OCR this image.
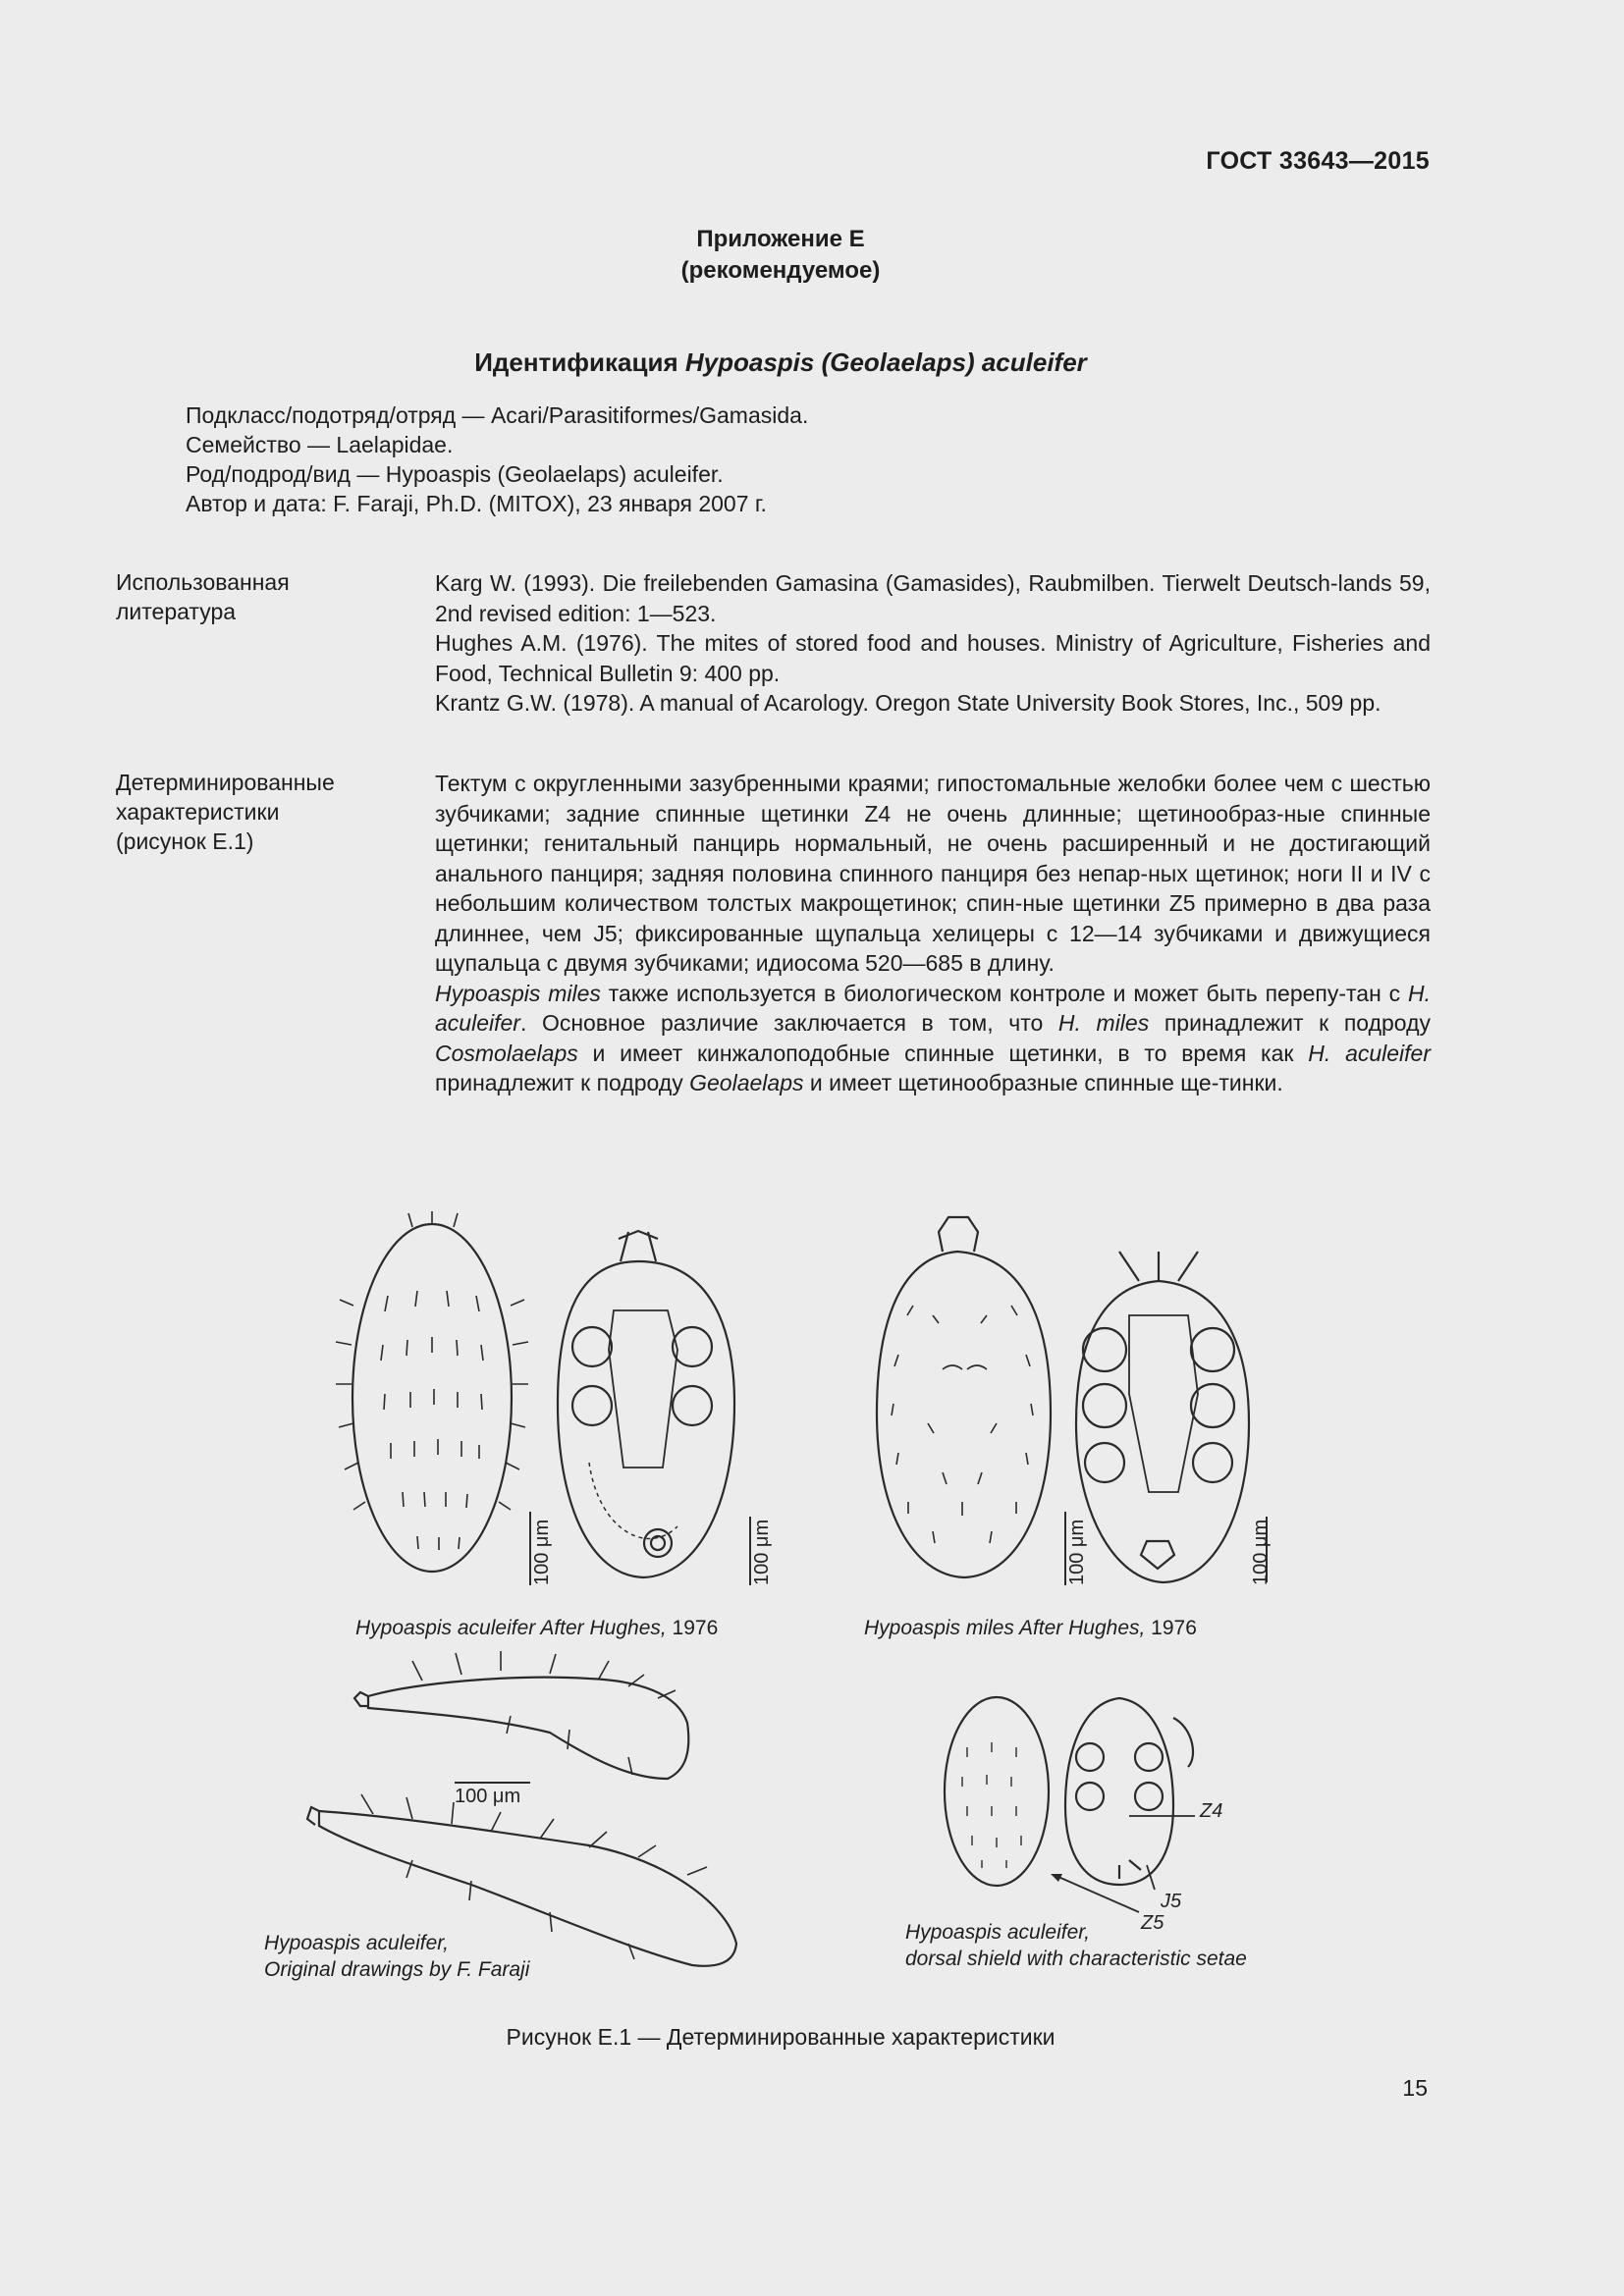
ГОСТ 33643—2015
Приложение Е
(рекомендуемое)
Идентификация Hypoaspis (Geolaelaps) aculeifer
Подкласс/подотряд/отряд — Acari/Parasitiformes/Gamasida.
Семейство — Laelapidae.
Род/подрод/вид — Hypoaspis (Geolaelaps) aculeifer.
Автор и дата: F. Faraji, Ph.D. (MITOX), 23 января 2007 г.
Использованная
литература

Karg W. (1993). Die freilebenden Gamasina (Gamasides), Raubmilben. Tierwelt Deutsch-lands 59, 2nd revised edition: 1—523.

Hughes A.M. (1976). The mites of stored food and houses. Ministry of Agriculture, Fisheries and Food, Technical Bulletin 9: 400 pp.

Krantz G.W. (1978). A manual of Acarology. Oregon State University Book Stores, Inc., 509 pp.

Детерминированные
характеристики
(рисунок Е.1)

Тектум с округленными зазубренными краями; гипостомальные желобки более чем с шестью зубчиками; задние спинные щетинки Z4 не очень длинные; щетинообраз-ные спинные щетинки; генитальный панцирь нормальный, не очень расширенный и не достигающий анального панциря; задняя половина спинного панциря без непар-ных щетинок; ноги II и IV с небольшим количеством толстых макрощетинок; спин-ные щетинки Z5 примерно в два раза длиннее, чем J5; фиксированные щупальца хелицеры с 12—14 зубчиками и движущиеся щупальца с двумя зубчиками; идиосома 520—685 в длину.

Hypoaspis miles также используется в биологическом контроле и может быть перепу-тан с H. aculeifer. Основное различие заключается в том, что H. miles принадлежит к подроду Cosmolaelaps и имеет кинжалоподобные спинные щетинки, в то время как H. aculeifer принадлежит к подроду Geolaelaps и имеет щетинообразные спинные ще-тинки.

100 μm	100 μm	100 μm	100 μm
100 μm
Z4
J5
Z5
Hypoaspis aculeifer After Hughes, 1976	Hypoaspis miles After Hughes, 1976
Hypoaspis aculeifer,
Original drawings by F. Faraji
Hypoaspis aculeifer,
dorsal shield with characteristic setae
Рисунок Е.1 — Детерминированные характеристики
15
